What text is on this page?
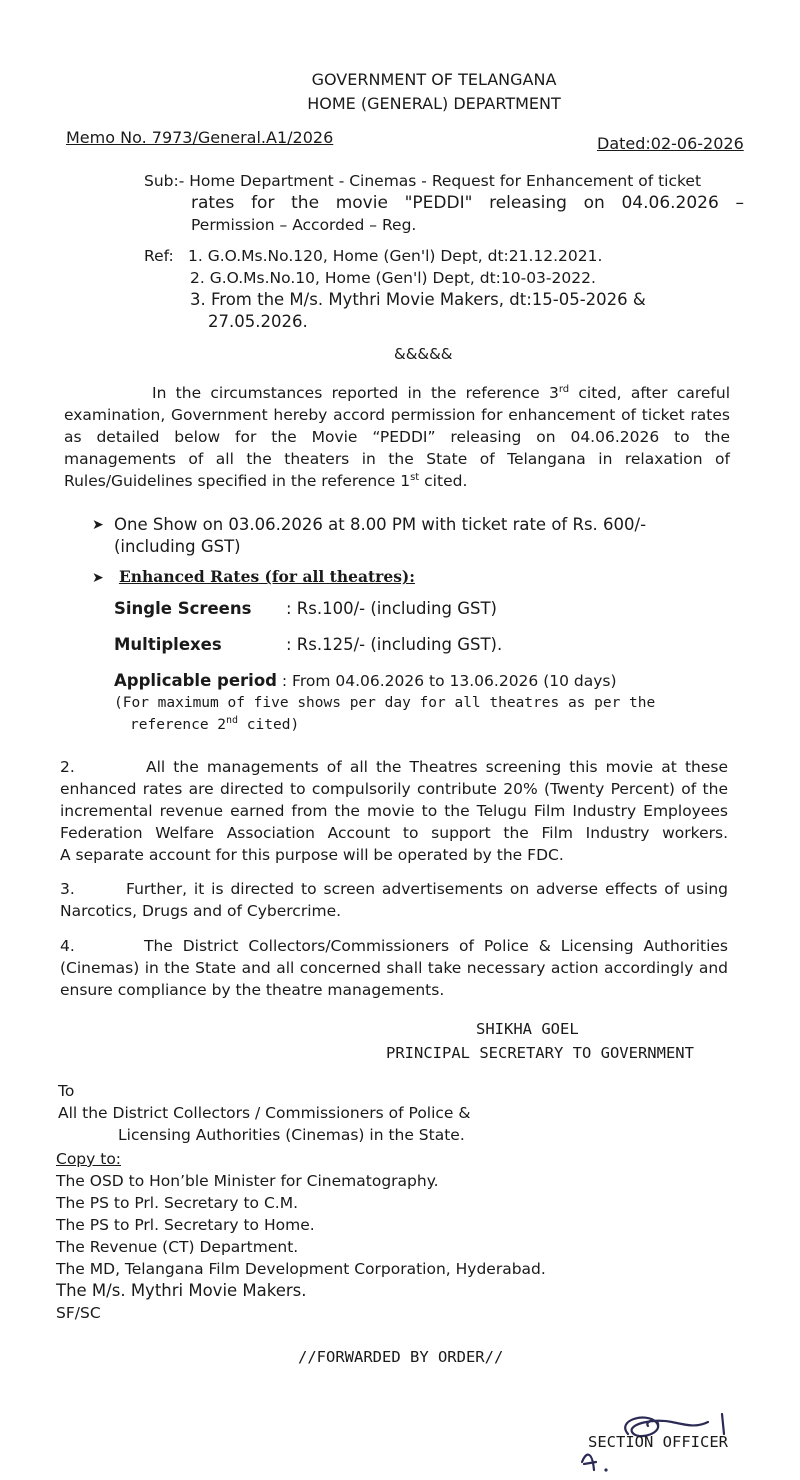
GOVERNMENT OF TELANGANA
HOME (GENERAL) DEPARTMENT
Memo No. 7973/General.A1/2026	Dated:02-06-2026
Sub:- Home Department - Cinemas - Request for Enhancement of ticket
rates for the movie "PEDDI" releasing on 04.06.2026 –
Permission – Accorded – Reg.
Ref: 1. G.O.Ms.No.120, Home (Gen'l) Dept, dt:21.12.2021.
2. G.O.Ms.No.10, Home (Gen'l) Dept, dt:10-03-2022.
3. From the M/s. Mythri Movie Makers, dt:15-05-2026 &
27.05.2026.
&&&&&
In the circumstances reported in the reference 3rd cited, after careful
examination, Government hereby accord permission for enhancement of ticket rates
as detailed below for the Movie “PEDDI” releasing on 04.06.2026 to the
managements of all the theaters in the State of Telangana in relaxation of
Rules/Guidelines specified in the reference 1st cited.
➤ One Show on 03.06.2026 at 8.00 PM with ticket rate of Rs. 600/-
(including GST)
➤ Enhanced Rates (for all theatres):
Single Screens	: Rs.100/- (including GST)
Multiplexes	: Rs.125/- (including GST).
Applicable period : From 04.06.2026 to 13.06.2026 (10 days)
(For maximum of five shows per day for all theatres as per the
reference 2nd cited)
2.	All the managements of all the Theatres screening this movie at these
enhanced rates are directed to compulsorily contribute 20% (Twenty Percent) of the
incremental revenue earned from the movie to the Telugu Film Industry Employees
Federation Welfare Association Account to support the Film Industry workers.
A separate account for this purpose will be operated by the FDC.
3.	Further, it is directed to screen advertisements on adverse effects of using
Narcotics, Drugs and of Cybercrime.
4.	The District Collectors/Commissioners of Police & Licensing Authorities
(Cinemas) in the State and all concerned shall take necessary action accordingly and
ensure compliance by the theatre managements.
SHIKHA GOEL
PRINCIPAL SECRETARY TO GOVERNMENT
To
All the District Collectors / Commissioners of Police &
Licensing Authorities (Cinemas) in the State.
Copy to:
The OSD to Hon’ble Minister for Cinematography.
The PS to Prl. Secretary to C.M.
The PS to Prl. Secretary to Home.
The Revenue (CT) Department.
The MD, Telangana Film Development Corporation, Hyderabad.
The M/s. Mythri Movie Makers.
SF/SC
//FORWARDED BY ORDER//
SECTION OFFICER
